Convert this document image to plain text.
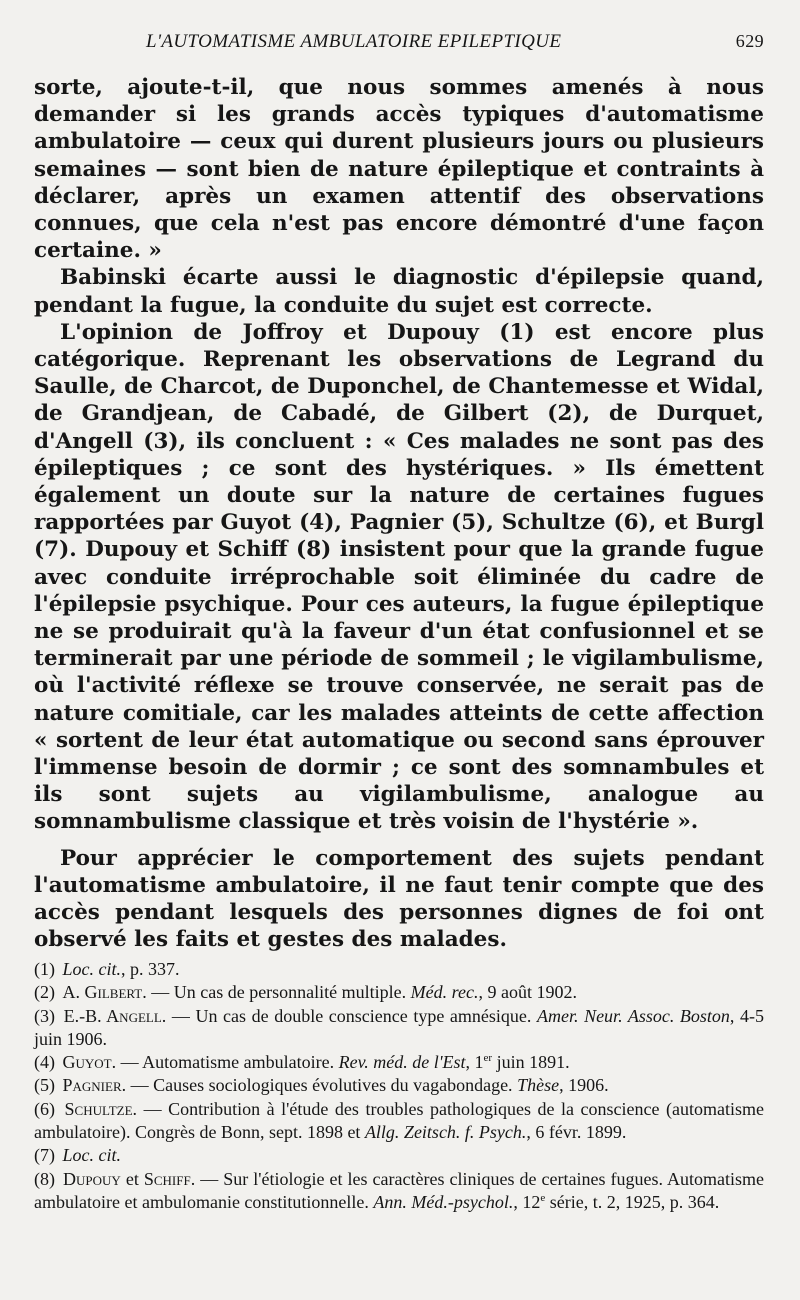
L'AUTOMATISME AMBULATOIRE EPILEPTIQUE	629

sorte, ajoute-t-il, que nous sommes amenés à nous demander si les grands accès typiques d'automatisme ambulatoire — ceux qui durent plusieurs jours ou plusieurs semaines — sont bien de nature épileptique et contraints à déclarer, après un examen attentif des observations connues, que cela n'est pas encore démontré d'une façon certaine. »

Babinski écarte aussi le diagnostic d'épilepsie quand, pendant la fugue, la conduite du sujet est correcte.

L'opinion de Joffroy et Dupouy (1) est encore plus catégorique. Reprenant les observations de Legrand du Saulle, de Charcot, de Duponchel, de Chantemesse et Widal, de Grandjean, de Cabadé, de Gilbert (2), de Durquet, d'Angell (3), ils concluent : « Ces malades ne sont pas des épileptiques ; ce sont des hystériques. » Ils émettent également un doute sur la nature de certaines fugues rapportées par Guyot (4), Pagnier (5), Schultze (6), et Burgl (7). Dupouy et Schiff (8) insistent pour que la grande fugue avec conduite irréprochable soit éliminée du cadre de l'épilepsie psychique. Pour ces auteurs, la fugue épileptique ne se produirait qu'à la faveur d'un état confusionnel et se terminerait par une période de sommeil ; le vigilambulisme, où l'activité réflexe se trouve conservée, ne serait pas de nature comitiale, car les malades atteints de cette affection « sortent de leur état automatique ou second sans éprouver l'immense besoin de dormir ; ce sont des somnambules et ils sont sujets au vigilambulisme, analogue au somnambulisme classique et très voisin de l'hystérie ».

Pour apprécier le comportement des sujets pendant l'automatisme ambulatoire, il ne faut tenir compte que des accès pendant lesquels des personnes dignes de foi ont observé les faits et gestes des malades.

(1) Loc. cit., p. 337.

(2) A. Gilbert. — Un cas de personnalité multiple. Méd. rec., 9 août 1902.

(3) E.-B. Angell. — Un cas de double conscience type amnésique. Amer. Neur. Assoc. Boston, 4-5 juin 1906.

(4) Guyot. — Automatisme ambulatoire. Rev. méd. de l'Est, 1er juin 1891.

(5) Pagnier. — Causes sociologiques évolutives du vagabondage. Thèse, 1906.

(6) Schultze. — Contribution à l'étude des troubles pathologiques de la conscience (automatisme ambulatoire). Congrès de Bonn, sept. 1898 et Allg. Zeitsch. f. Psych., 6 févr. 1899.

(7) Loc. cit.

(8) Dupouy et Schiff. — Sur l'étiologie et les caractères cliniques de certaines fugues. Automatisme ambulatoire et ambulomanie constitutionnelle. Ann. Méd.-psychol., 12e série, t. 2, 1925, p. 364.
